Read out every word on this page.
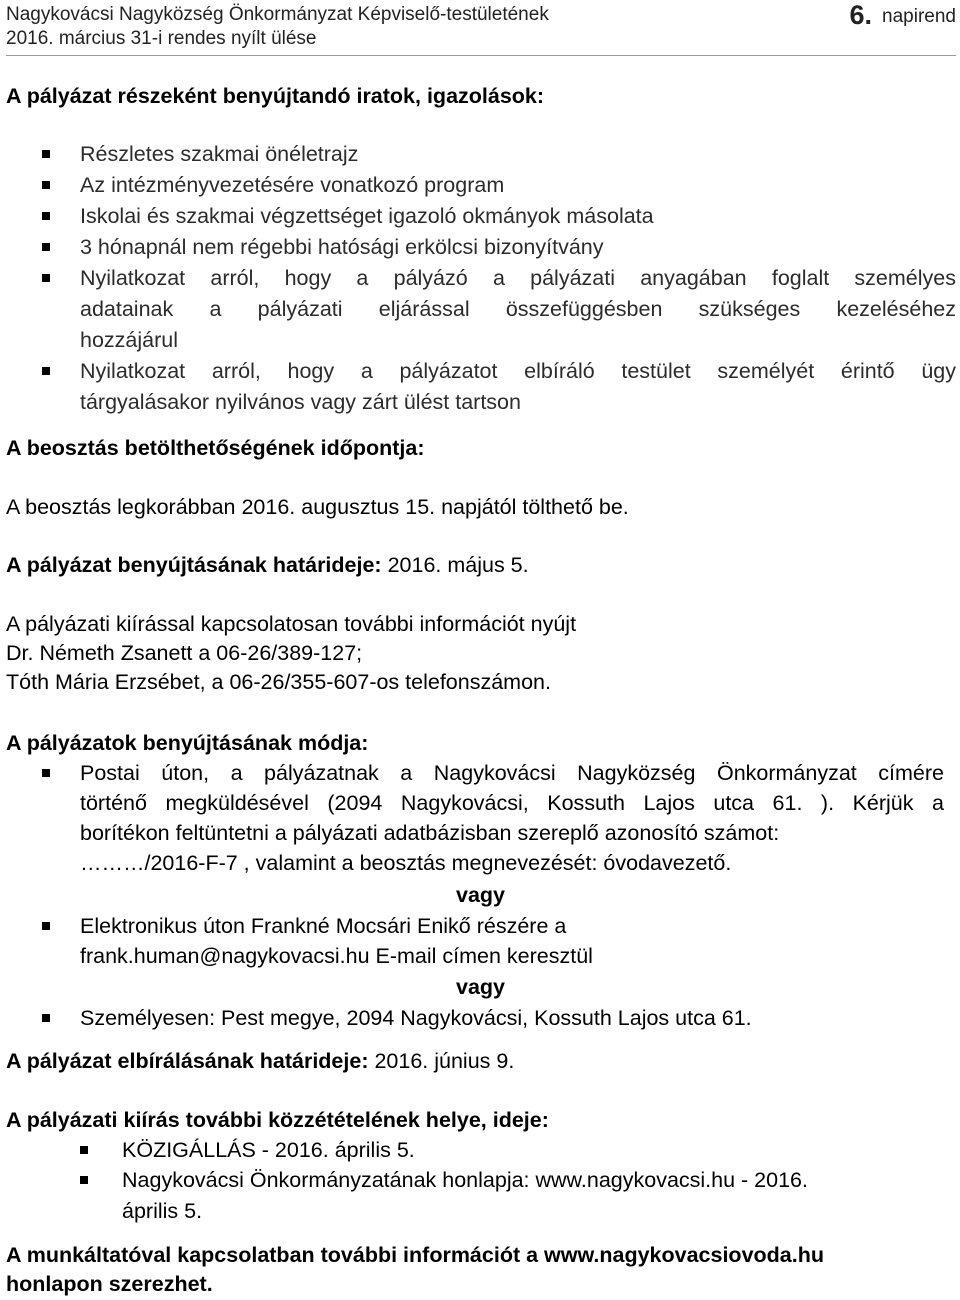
Nagykovácsi Nagyközség Önkormányzat Képviselő-testületének
2016. március 31-i rendes nyílt ülése
6. napirend
A pályázat részeként benyújtandó iratok, igazolások:
Részletes szakmai önéletrajz
Az intézményvezetésére vonatkozó program
Iskolai és szakmai végzettséget igazoló okmányok másolata
3 hónapnál nem régebbi hatósági erkölcsi bizonyítvány
Nyilatkozat arról, hogy a pályázó a pályázati anyagában foglalt személyes
adatainak a pályázati eljárással összefüggésben szükséges kezeléséhez
hozzájárul
Nyilatkozat arról, hogy a pályázatot elbíráló testület személyét érintő ügy
tárgyalásakor nyilvános vagy zárt ülést tartson
A beosztás betölthetőségének időpontja:
A beosztás legkorábban 2016. augusztus 15. napjától tölthető be.
A pályázat benyújtásának határideje: 2016. május 5.
A pályázati kiírással kapcsolatosan további információt nyújt
Dr. Németh Zsanett a 06-26/389-127;
Tóth Mária Erzsébet, a 06-26/355-607-os telefonszámon.
A pályázatok benyújtásának módja:
Postai úton, a pályázatnak a Nagykovácsi Nagyközség Önkormányzat címére
történő megküldésével (2094 Nagykovácsi, Kossuth Lajos utca 61. ). Kérjük a
borítékon feltüntetni a pályázati adatbázisban szereplő azonosító számot:
………/2016-F-7 , valamint a beosztás megnevezését: óvodavezető.
vagy
Elektronikus úton Frankné Mocsári Enikő részére a
frank.human@nagykovacsi.hu E-mail címen keresztül
vagy
Személyesen: Pest megye, 2094 Nagykovácsi, Kossuth Lajos utca 61.
A pályázat elbírálásának határideje: 2016. június 9.
A pályázati kiírás további közzétételének helye, ideje:
KÖZIGÁLLÁS - 2016. április 5.
Nagykovácsi Önkormányzatának honlapja: www.nagykovacsi.hu - 2016.
április 5.
A munkáltatóval kapcsolatban további információt a www.nagykovacsiovoda.hu
honlapon szerezhet.
